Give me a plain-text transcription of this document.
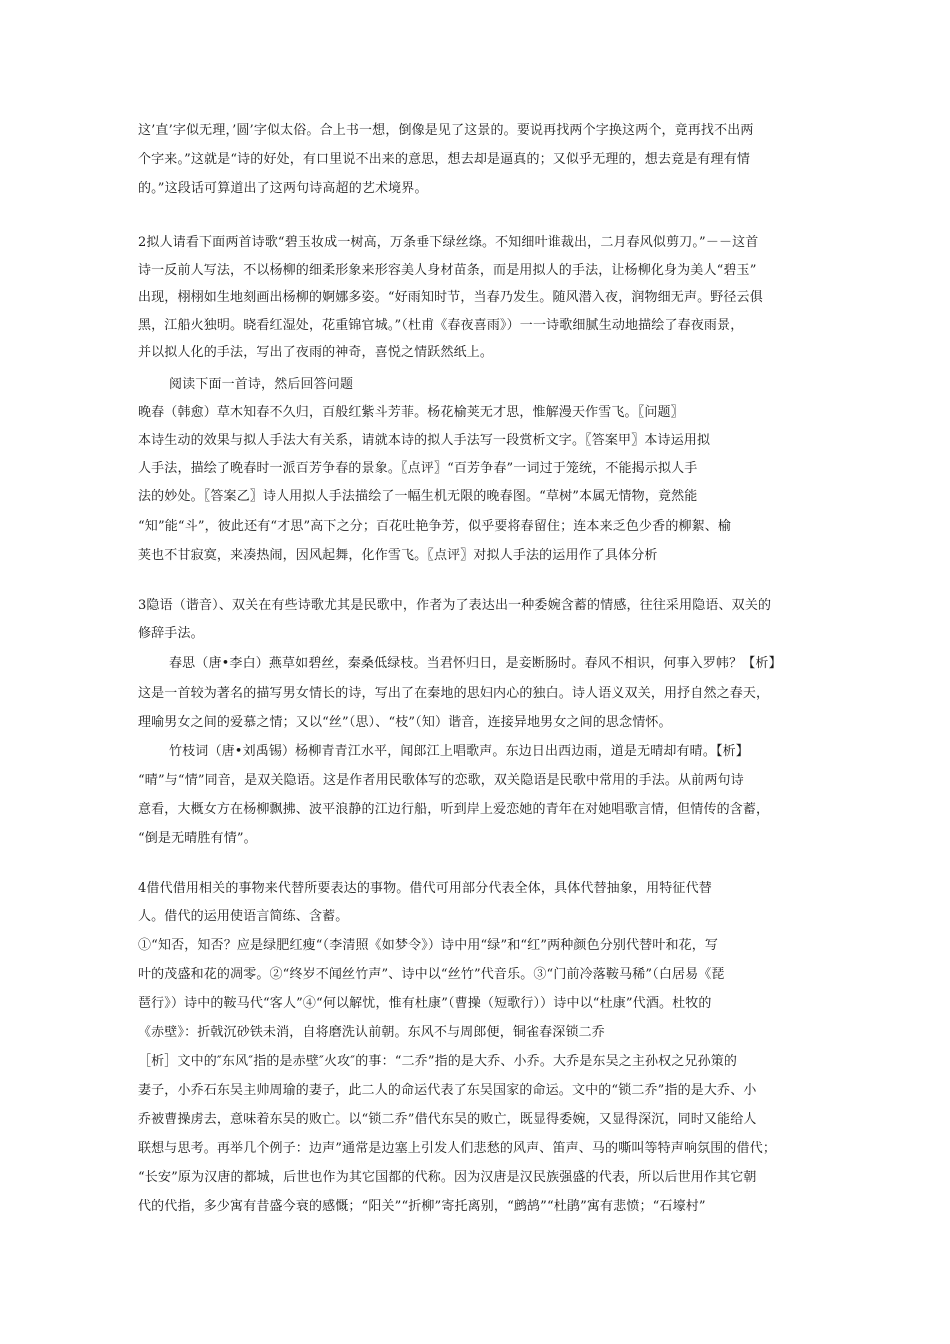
这’直’字似无理，’圆’字似太俗。合上书一想，倒像是见了这景的。要说再找两个字换这两个，竟再找不出两
个字来。”这就是“诗的好处，有口里说不出来的意思，想去却是逼真的；又似乎无理的，想去竟是有理有情
的。”这段话可算道出了这两句诗高超的艺术境界。
2拟人请看下面两首诗歌“碧玉妆成一树高，万条垂下绿丝绦。不知细叶谁裁出，二月春风似剪刀。”－－这首
诗一反前人写法，不以杨柳的细柔形象来形容美人身材苗条，而是用拟人的手法，让杨柳化身为美人“碧玉”
出现，栩栩如生地刻画出杨柳的婀娜多姿。“好雨知时节，当春乃发生。随风潜入夜，润物细无声。野径云俱
黑，江船火独明。晓看红湿处，花重锦官城。”（杜甫《春夜喜雨》）一一诗歌细腻生动地描绘了春夜雨景，
并以拟人化的手法，写出了夜雨的神奇，喜悦之情跃然纸上。
阅读下面一首诗，然后回答问题
晚春（韩愈）草木知春不久归，百般红紫斗芳菲。杨花榆荚无才思，惟解漫天作雪飞。〖问题〗
本诗生动的效果与拟人手法大有关系，请就本诗的拟人手法写一段赏析文字。〖答案甲〗本诗运用拟
人手法，描绘了晚春时一派百芳争春的景象。〖点评〗“百芳争春”一词过于笼统，不能揭示拟人手
法的妙处。〖答案乙〗诗人用拟人手法描绘了一幅生机无限的晚春图。“草树”本属无情物，竟然能
“知”能“斗”，彼此还有“才思”高下之分；百花吐艳争芳，似乎要将春留住；连本来乏色少香的柳絮、榆
荚也不甘寂寞，来凑热闹，因风起舞，化作雪飞。〖点评〗对拟人手法的运用作了具体分析
3隐语（谐音）、双关在有些诗歌尤其是民歌中，作者为了表达出一种委婉含蓄的情感，往往采用隐语、双关的
修辞手法。
春思（唐•李白）燕草如碧丝，秦桑低绿枝。当君怀归日，是妾断肠时。春风不相识，何事入罗帏？【析】
这是一首较为著名的描写男女情长的诗，写出了在秦地的思妇内心的独白。诗人语义双关，用抒自然之春天，
理喻男女之间的爱慕之情；又以“丝”（思）、“枝”（知）谐音，连接异地男女之间的思念情怀。
竹枝词（唐•刘禹锡）杨柳青青江水平，闻郎江上唱歌声。东边日出西边雨，道是无晴却有晴。【析】
“晴”与“情”同音，是双关隐语。这是作者用民歌体写的恋歌，双关隐语是民歌中常用的手法。从前两句诗
意看，大概女方在杨柳飘拂、波平浪静的江边行船，听到岸上爱恋她的青年在对她唱歌言情，但情传的含蓄，
“倒是无晴胜有情”。
4借代借用相关的事物来代替所要表达的事物。借代可用部分代表全体，具体代替抽象，用特征代替
人。借代的运用使语言简练、含蓄。
①“知否，知否？应是绿肥红瘦“（李清照《如梦令》）诗中用“绿”和“红”两种颜色分别代替叶和花，写
叶的茂盛和花的凋零。②“终岁不闻丝竹声”、诗中以“丝竹”代音乐。③“门前冷落鞍马稀”（白居易《琵
琶行》）诗中的鞍马代“客人”④“何以解忧，惟有杜康”（曹操（短歌行））诗中以“杜康”代酒。杜牧的
《赤壁》：折戟沉砂铁未消，自将磨洗认前朝。东风不与周郎便，铜雀春深锁二乔
［析］文中的″东风″指的是赤壁″火攻″的事：“二乔”指的是大乔、小乔。大乔是东吴之主孙权之兄孙策的
妻子，小乔石东吴主帅周瑜的妻子，此二人的命运代表了东吴国家的命运。文中的“锁二乔”指的是大乔、小
乔被曹操虏去，意味着东吴的败亡。以“锁二乔”借代东吴的败亡，既显得委婉，又显得深沉，同时又能给人
联想与思考。再举几个例子：边声”通常是边塞上引发人们悲愁的风声、笛声、马的嘶叫等特声响氛围的借代；
“长安”原为汉唐的都城，后世也作为其它国都的代称。因为汉唐是汉民族强盛的代表，所以后世用作其它朝
代的代指，多少寓有昔盛今衰的感慨；“阳关”“折柳”寄托离别，“鹧鸪”“杜鹃”寓有悲愤；“石壕村”
